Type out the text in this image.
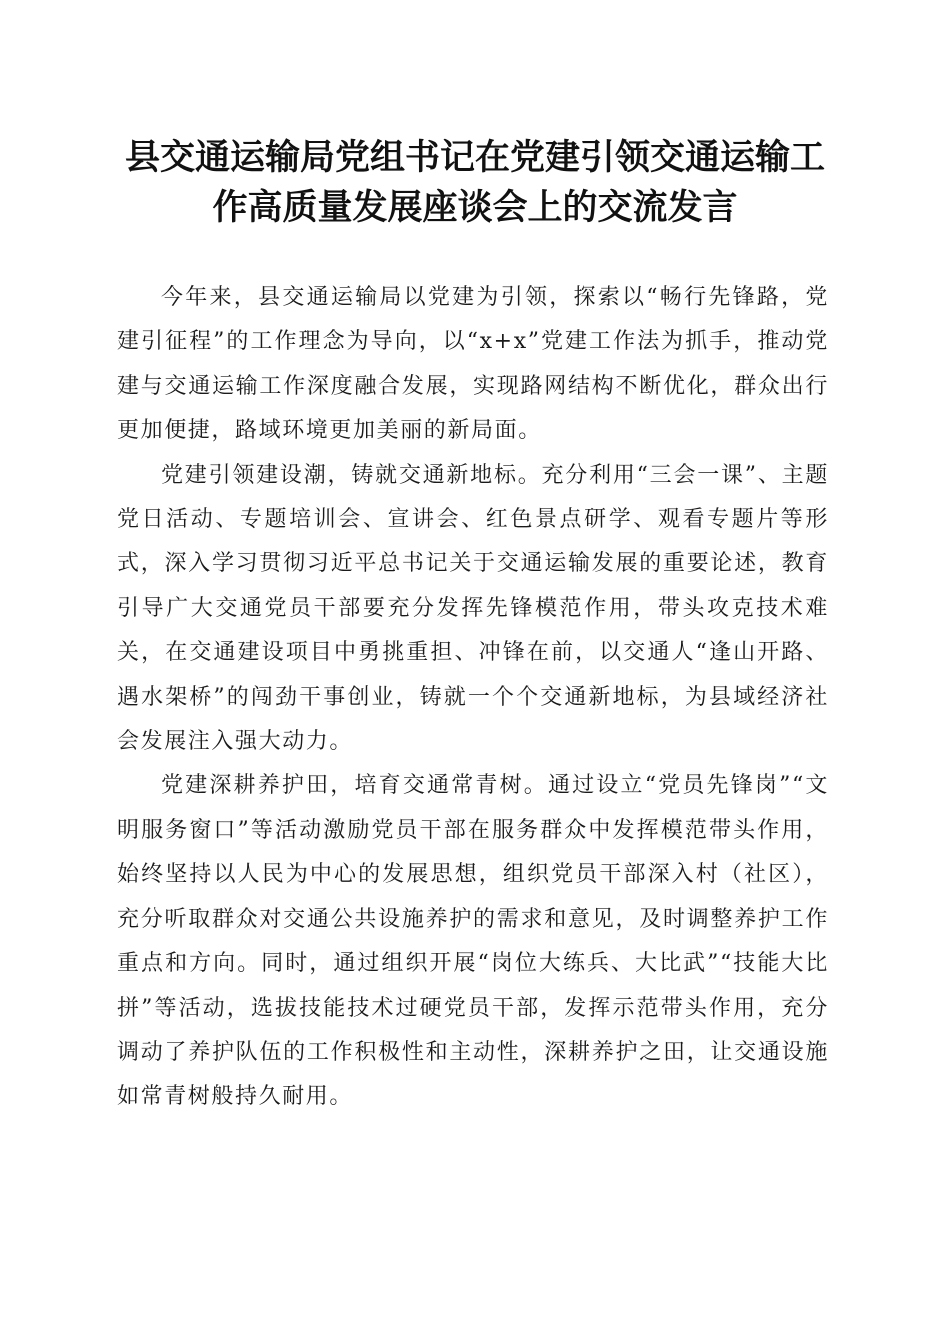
县交通运输局党组书记在党建引领交通运输工
作高质量发展座谈会上的交流发言

今年来，县交通运输局以党建为引领，探索以“畅行先锋路，党建引征程”的工作理念为导向，以“x+x”党建工作法为抓手，推动党建与交通运输工作深度融合发展，实现路网结构不断优化，群众出行更加便捷，路域环境更加美丽的新局面。

党建引领建设潮，铸就交通新地标。充分利用“三会一课”、主题党日活动、专题培训会、宣讲会、红色景点研学、观看专题片等形式，深入学习贯彻习近平总书记关于交通运输发展的重要论述，教育引导广大交通党员干部要充分发挥先锋模范作用，带头攻克技术难关，在交通建设项目中勇挑重担、冲锋在前，以交通人“逢山开路、遇水架桥”的闯劲干事创业，铸就一个个交通新地标，为县域经济社会发展注入强大动力。

党建深耕养护田，培育交通常青树。通过设立“党员先锋岗”“文明服务窗口”等活动激励党员干部在服务群众中发挥模范带头作用，始终坚持以人民为中心的发展思想，组织党员干部深入村（社区），充分听取群众对交通公共设施养护的需求和意见，及时调整养护工作重点和方向。同时，通过组织开展“岗位大练兵、大比武”“技能大比拼”等活动，选拔技能技术过硬党员干部，发挥示范带头作用，充分调动了养护队伍的工作积极性和主动性，深耕养护之田，让交通设施如常青树般持久耐用。
